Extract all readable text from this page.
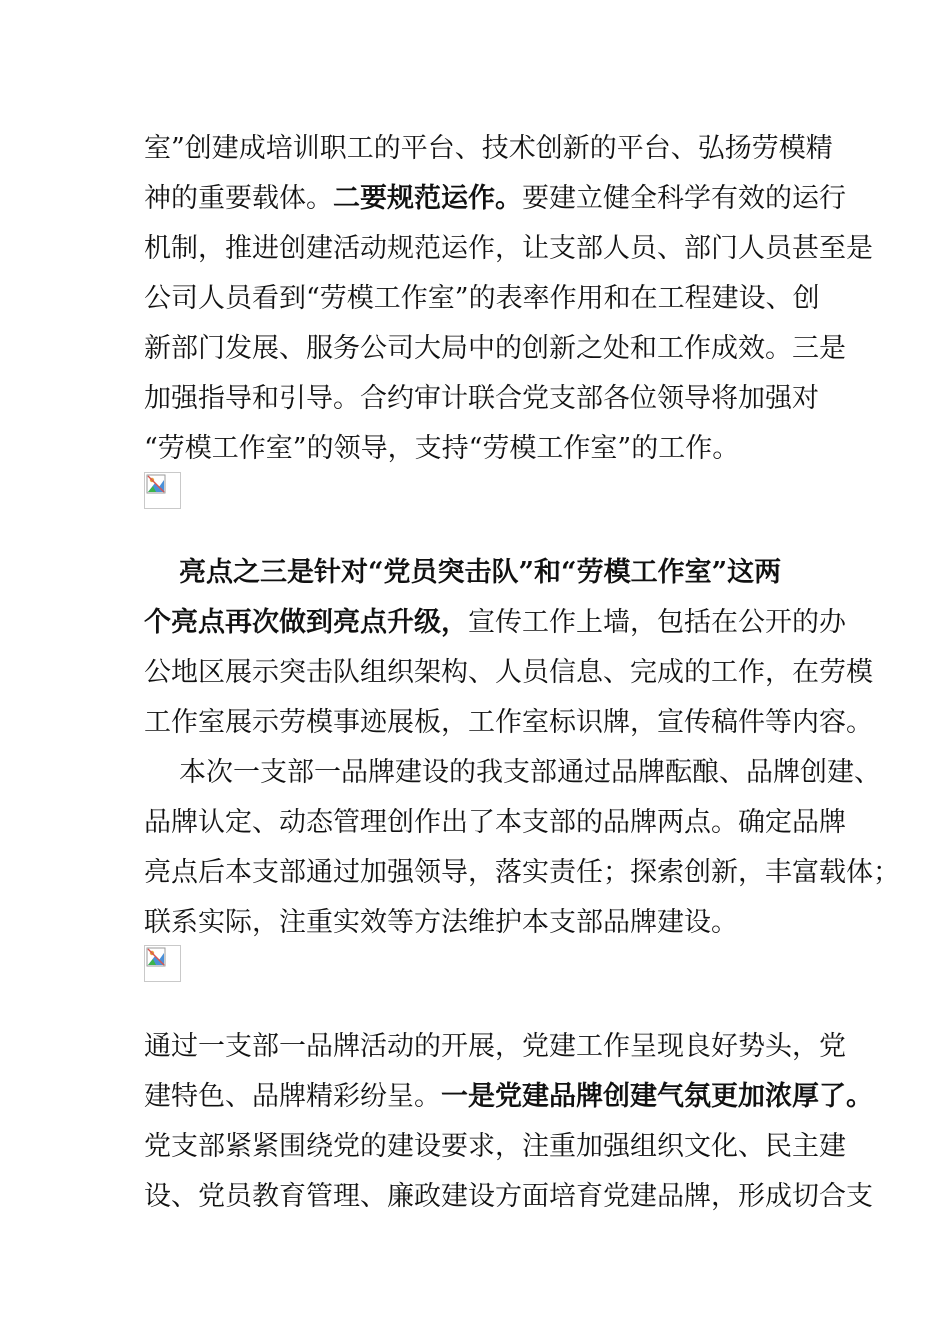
室”创建成培训职工的平台、技术创新的平台、弘扬劳模精
神的重要载体。二要规范运作。要建立健全科学有效的运行
机制，推进创建活动规范运作，让支部人员、部门人员甚至是
公司人员看到“劳模工作室”的表率作用和在工程建设、创
新部门发展、服务公司大局中的创新之处和工作成效。三是
加强指导和引导。合约审计联合党支部各位领导将加强对
“劳模工作室”的领导，支持“劳模工作室”的工作。
亮点之三是针对“党员突击队”和“劳模工作室”这两
个亮点再次做到亮点升级，宣传工作上墙，包括在公开的办
公地区展示突击队组织架构、人员信息、完成的工作，在劳模
工作室展示劳模事迹展板，工作室标识牌，宣传稿件等内容。
本次一支部一品牌建设的我支部通过品牌酝酿、品牌创建、
品牌认定、动态管理创作出了本支部的品牌两点。确定品牌
亮点后本支部通过加强领导，落实责任；探索创新，丰富载体；
联系实际，注重实效等方法维护本支部品牌建设。
通过一支部一品牌活动的开展，党建工作呈现良好势头，党
建特色、品牌精彩纷呈。一是党建品牌创建气氛更加浓厚了。
党支部紧紧围绕党的建设要求，注重加强组织文化、民主建
设、党员教育管理、廉政建设方面培育党建品牌，形成切合支
